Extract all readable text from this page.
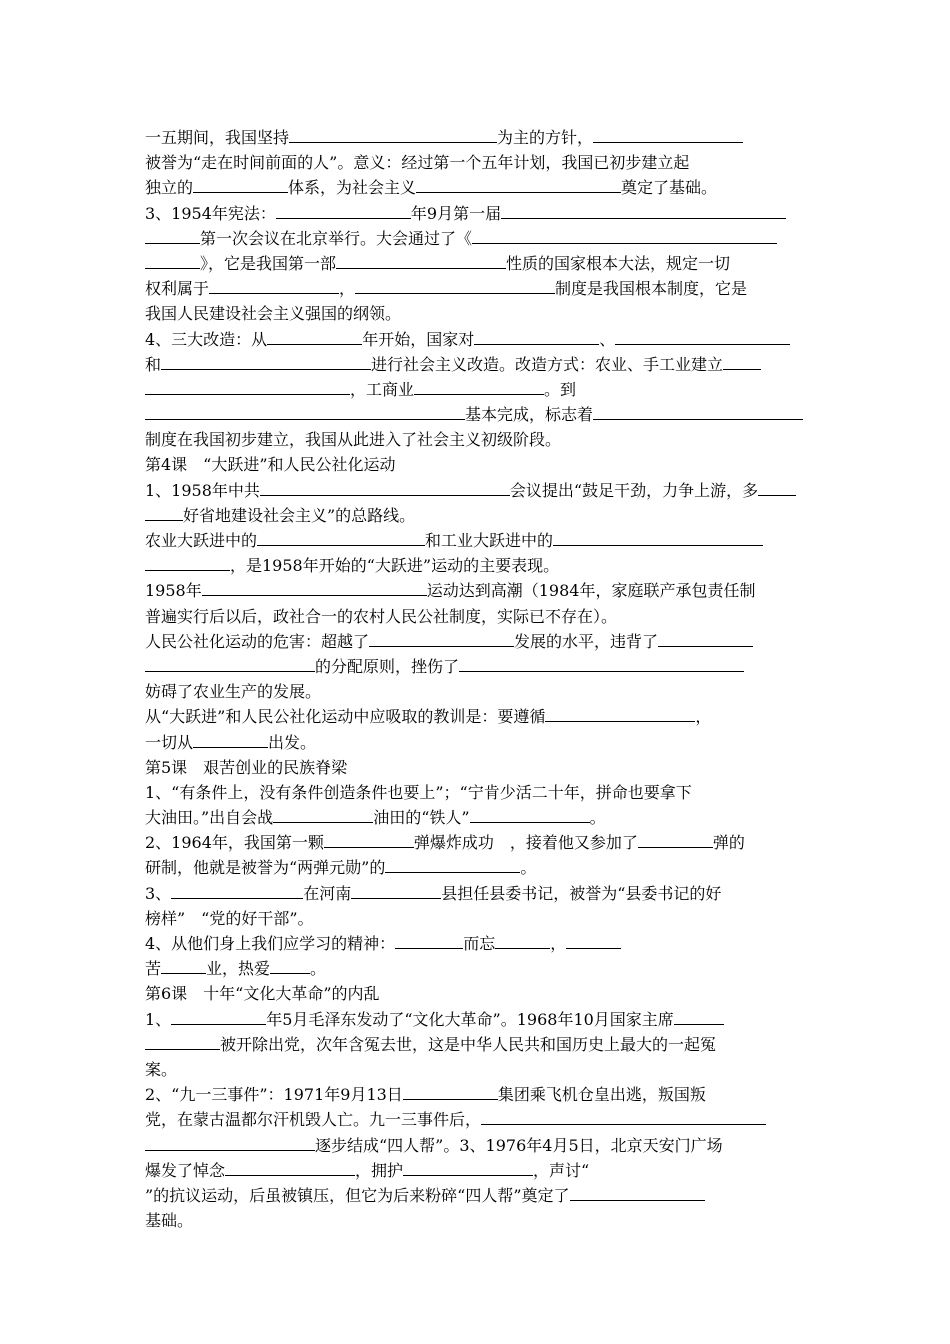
一五期间，我国坚持	为主的方针，
被誉为“走在时间前面的人”。意义：经过第一个五年计划，我国已初步建立起
独立的	体系，为社会主义	奠定了基础。
3、1954年宪法：	年9月第一届
第一次会议在北京举行。大会通过了《
》，它是我国第一部	性质的国家根本大法，规定一切
权利属于	，	制度是我国根本制度，它是
我国人民建设社会主义强国的纲领。
4、三大改造：从	年开始，国家对	、
和	进行社会主义改造。改造方式：农业、手工业建立
，工商业	。到
基本完成，标志着
制度在我国初步建立，我国从此进入了社会主义初级阶段。
第4课　“大跃进”和人民公社化运动
1、1958年中共	会议提出“鼓足干劲，力争上游，多
好省地建设社会主义”的总路线。
农业大跃进中的	和工业大跃进中的
，是1958年开始的“大跃进”运动的主要表现。
1958年	运动达到高潮（1984年，家庭联产承包责任制
普遍实行后以后，政社合一的农村人民公社制度，实际已不存在）。
人民公社化运动的危害：超越了	发展的水平，违背了
的分配原则，挫伤了
妨碍了农业生产的发展。
从“大跃进”和人民公社化运动中应吸取的教训是：要遵循	，
一切从	出发。
第5课　艰苦创业的民族脊梁
1、“有条件上，没有条件创造条件也要上”；“宁肯少活二十年，拼命也要拿下
大油田。”出自会战	油田的“铁人”	。
2、1964年，我国第一颗	弹爆炸成功　，接着他又参加了	弹的
研制，他就是被誉为“两弹元勋”的	。
3、	在河南	县担任县委书记，被誉为“县委书记的好
榜样”　“党的好干部”。
4、从他们身上我们应学习的精神：	而忘	，
苦	业，热爱	。
第6课　十年“文化大革命”的内乱
1、	年5月毛泽东发动了“文化大革命”。1968年10月国家主席
被开除出党，次年含冤去世，这是中华人民共和国历史上最大的一起冤
案。
2、“九一三事件”：1971年9月13日	集团乘飞机仓皇出逃，叛国叛
党，在蒙古温都尔汗机毁人亡。九一三事件后，
逐步结成“四人帮”。3、1976年4月5日，北京天安门广场
爆发了悼念	，拥护	，声讨“
”的抗议运动，后虽被镇压，但它为后来粉碎“四人帮”奠定了
基础。
